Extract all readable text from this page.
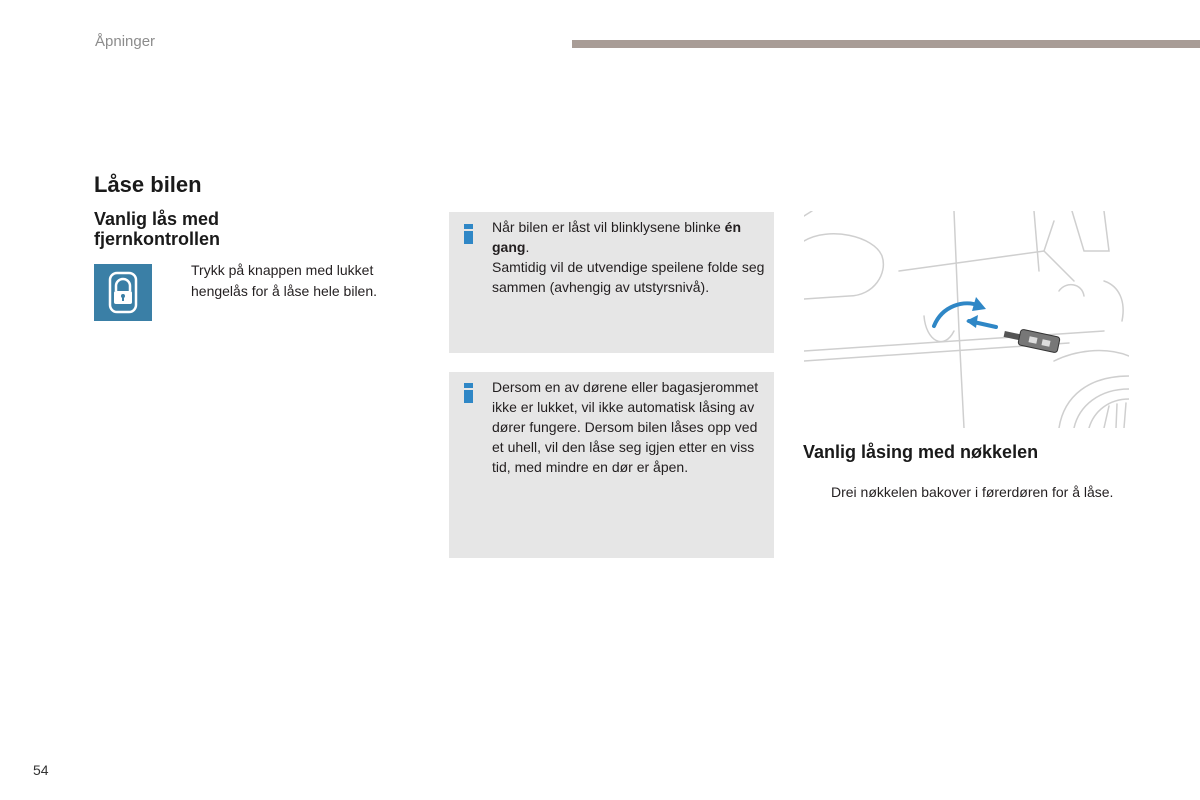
Åpninger
Låse bilen
Vanlig lås med fjernkontrollen
Trykk på knappen med lukket hengelås for å låse hele bilen.

Når bilen er låst vil blinklysene blinke én gang.

Samtidig vil de utvendige speilene folde seg sammen (avhengig av utstyrsnivå).

Dersom en av dørene eller bagasjerommet ikke er lukket, vil ikke automatisk låsing av dører fungere. Dersom bilen låses opp ved et uhell, vil den låse seg igjen etter en viss tid, med mindre en dør er åpen.

Vanlig låsing med nøkkelen
Drei nøkkelen bakover i førerdøren for å låse.
54
